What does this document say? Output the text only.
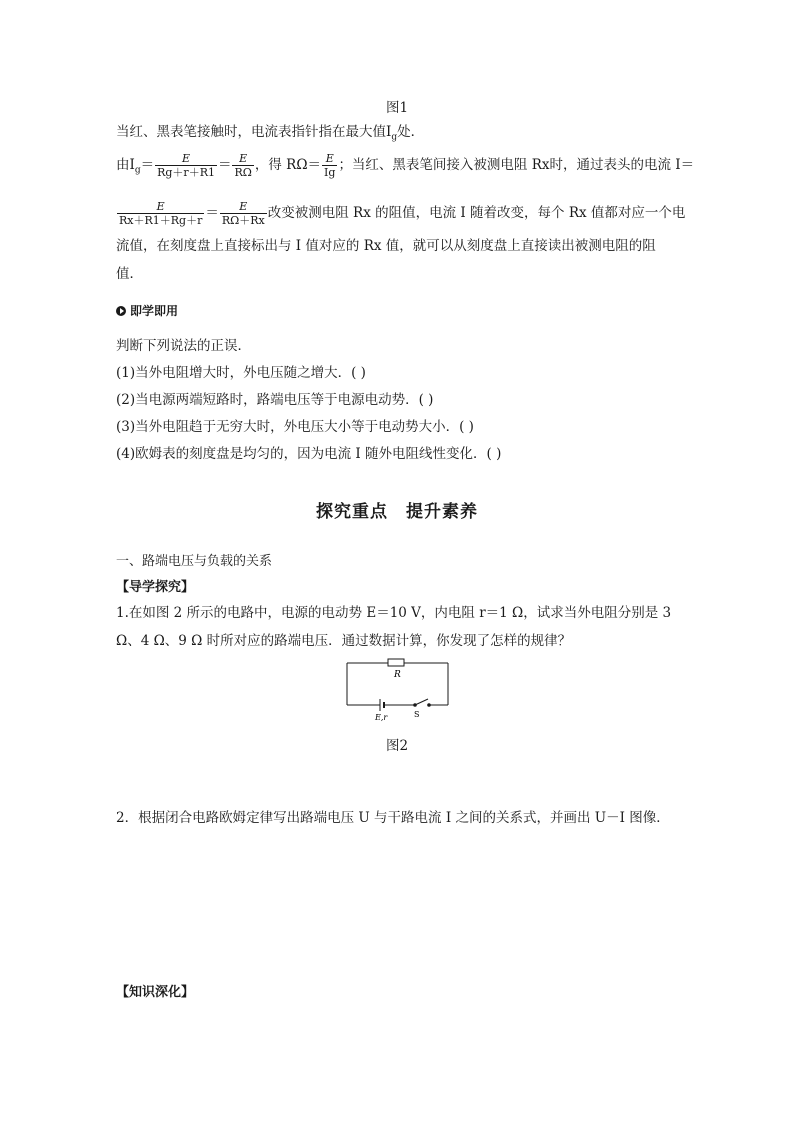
图1
当红、黑表笔接触时，电流表指针指在最大值$I_g$处．
由$I_g= \frac{E}{Rg+r+R1} = \frac{E}{R\Omega}$ ，得 $R\Omega= \frac{E}{Ig}$ ；当红、黑表笔间接入被测电阻 Rx时，通过表头的电流 I＝
$\frac{E}{Rx+R1+Rg+r} = \frac{E}{R\Omega+Rx}$ 改变被测电阻 Rx 的阻值，电流 I 随着改变，每个 Rx 值都对应一个电
流值，在刻度盘上直接标出与 I 值对应的 Rx 值，就可以从刻度盘上直接读出被测电阻的阻
值．
即学即用
判断下列说法的正误．
(1)当外电阻增大时，外电压随之增大．( )
(2)当电源两端短路时，路端电压等于电源电动势．( )
(3)当外电阻趋于无穷大时，外电压大小等于电动势大小．( )
(4)欧姆表的刻度盘是均匀的，因为电流 I 随外电阻线性变化．( )
探究重点　提升素养
一、路端电压与负载的关系
【导学探究】
1.在如图 2 所示的电路中，电源的电动势 E＝10 V，内电阻 r＝1 Ω，试求当外电阻分别是 3
Ω、4 Ω、9 Ω 时所对应的路端电压．通过数据计算，你发现了怎样的规律？
R
E,r	S
图2
2．根据闭合电路欧姆定律写出路端电压 U 与干路电流 I 之间的关系式，并画出 U－I 图像．
【知识深化】
